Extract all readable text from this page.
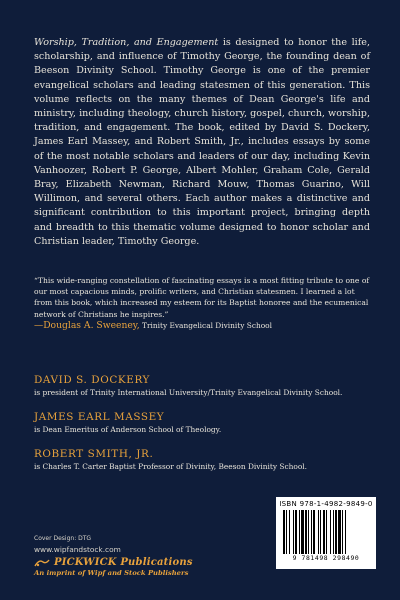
Worship, Tradition, and Engagement is designed to honor the life, scholarship, and influence of Timothy George, the founding dean of Beeson Divinity School. Timothy George is one of the premier evangelical scholars and leading statesmen of this generation. This volume reflects on the many themes of Dean George's life and ministry, including theology, church history, gospel, church, worship, tradition, and engagement. The book, edited by David S. Dockery, James Earl Massey, and Robert Smith, Jr., includes essays by some of the most notable scholars and leaders of our day, including Kevin Vanhoozer, Robert P. George, Albert Mohler, Graham Cole, Gerald Bray, Elizabeth Newman, Richard Mouw, Thomas Guarino, Will Willimon, and several others. Each author makes a distinctive and significant contribution to this important project, bringing depth and breadth to this thematic volume designed to honor scholar and Christian leader, Timothy George.

“This wide-ranging constellation of fascinating essays is a most fitting tribute to one of our most capacious minds, prolific writers, and Christian statesmen. I learned a lot from this book, which increased my esteem for its Baptist honoree and the ecumenical network of Christians he inspires.”
—Douglas A. Sweeney, Trinity Evangelical Divinity School
DAVID S. DOCKERY
is president of Trinity International University/Trinity Evangelical Divinity School.
JAMES EARL MASSEY
is Dean Emeritus of Anderson School of Theology.
ROBERT SMITH, JR.
is Charles T. Carter Baptist Professor of Divinity, Beeson Divinity School.
Cover Design: DTG
www.wipfandstock.com
PICKWICK Publications
An imprint of Wipf and Stock Publishers
ISBN 978-1-4982-9849-0
9 781498 298490
